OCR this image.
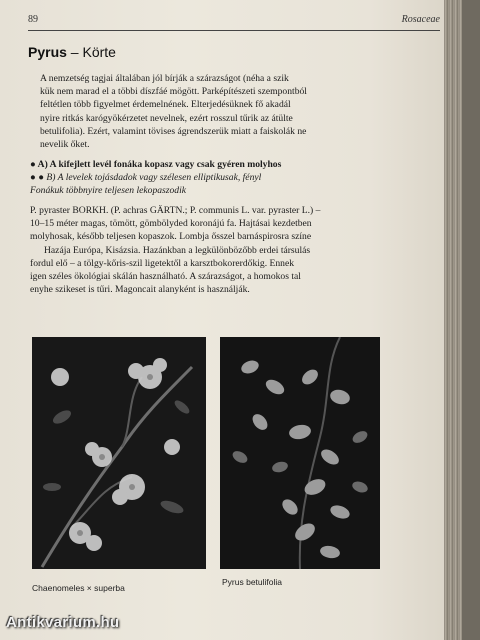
89	Rosaceae
Pyrus – Körte
A nemzetség tagjai általában jól bírják a szárazságot (néha a szik
kük nem marad el a többi díszfáé mögött. Parképítészeti szempontból
feltétlen több figyelmet érdemelnének. Elterjedésüknek fő akadál
nyire ritkás karógyökérzetet nevelnek, ezért rosszul tűrik az átülte
betulifolia). Ezért, valamint tövises ágrendszerük miatt a faiskolák ne
nevelik őket.
● A) A kifejlett levél fonáka kopasz vagy csak gyéren molyhos
● ● B) A levelek tojásdadok vagy szélesen elliptikusak, fényl
Fonákuk többnyire teljesen lekopaszodik
P. pyraster BORKH. (P. achras GÄRTN.; P. communis L. var. pyraster L.) –
10–15 méter magas, tömött, gömbölyded koronájú fa. Hajtásai kezdetben
molyhosak, később teljesen kopaszok. Lombja ősszel barnáspirosra színe
Hazája Európa, Kisázsia. Hazánkban a legkülönbözőbb erdei társulás
fordul elő – a tölgy-kőris-szil ligetektől a karsztbokorerdőkig. Ennek
igen széles ökológiai skálán használható. A szárazságot, a homokos tal
enyhe szikeset is tűri. Magoncait alanyként is használják.
Chaenomeles × superba
Pyrus betulifolia
Antikvarium.hu
